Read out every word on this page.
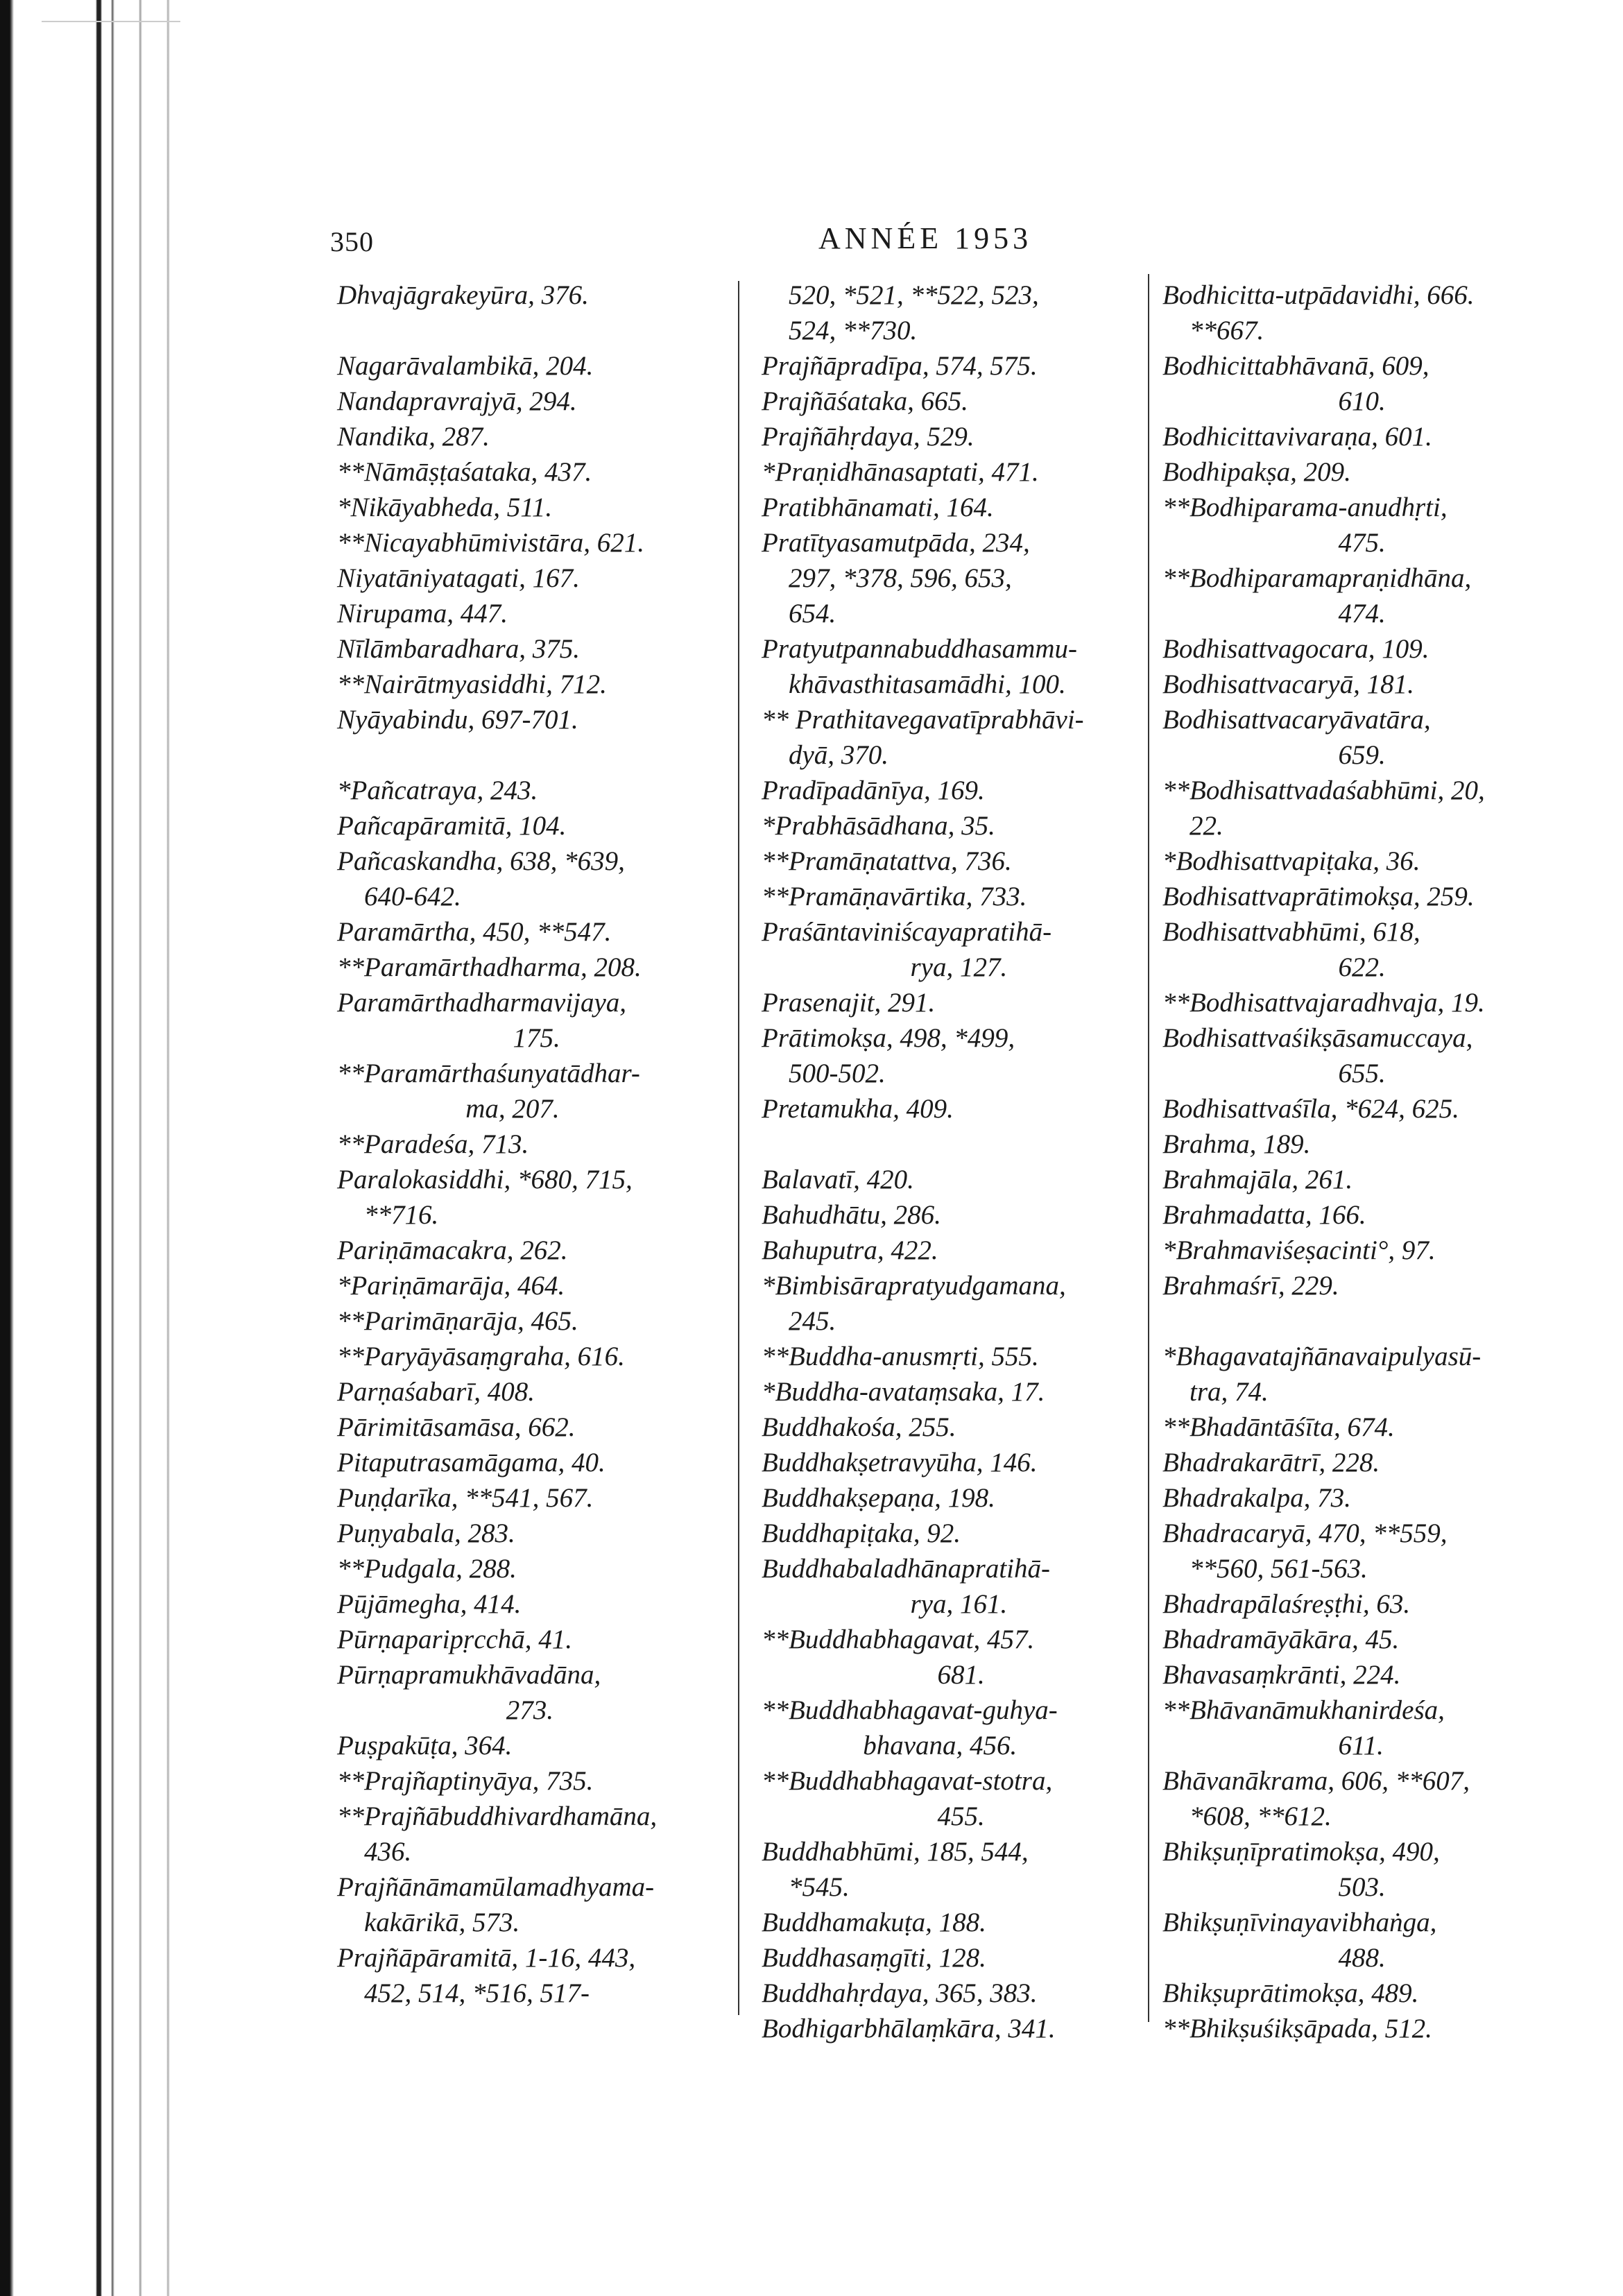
350	ANNÉE 1953
Dhvajāgrakeyūra, 376.
Nagarāvalambikā, 204.
Nandapravrajyā, 294.
Nandika, 287.
**Nāmāṣṭaśataka, 437.
*Nikāyabheda, 511.
**Nicayabhūmivistāra, 621.
Niyatāniyatagati, 167.
Nirupama, 447.
Nīlāmbaradhara, 375.
**Nairātmyasiddhi, 712.
Nyāyabindu, 697-701.
*Pañcatraya, 243.
Pañcapāramitā, 104.
Pañcaskandha, 638, *639,
640-642.
Paramārtha, 450, **547.
**Paramārthadharma, 208.
Paramārthadharmavijaya,
175.
**Paramārthaśunyatādhar-
ma, 207.
**Paradeśa, 713.
Paralokasiddhi, *680, 715,
**716.
Pariṇāmacakra, 262.
*Pariṇāmarāja, 464.
**Parimāṇarāja, 465.
**Paryāyāsaṃgraha, 616.
Parṇaśabarī, 408.
Pārimitāsamāsa, 662.
Pitaputrasamāgama, 40.
Puṇḍarīka, **541, 567.
Puṇyabala, 283.
**Pudgala, 288.
Pūjāmegha, 414.
Pūrṇaparipṛcchā, 41.
Pūrṇapramukhāvadāna,
273.
Puṣpakūṭa, 364.
**Prajñaptinyāya, 735.
**Prajñābuddhivardhamāna,
436.
Prajñānāmamūlamadhyama-
kakārikā, 573.
Prajñāpāramitā, 1-16, 443,
452, 514, *516, 517-
520, *521, **522, 523,
524, **730.
Prajñāpradīpa, 574, 575.
Prajñāśataka, 665.
Prajñāhṛdaya, 529.
*Praṇidhānasaptati, 471.
Pratibhānamati, 164.
Pratītyasamutpāda, 234,
297, *378, 596, 653,
654.
Pratyutpannabuddhasammu-
khāvasthitasamādhi, 100.
** Prathitavegavatīprabhāvi-
dyā, 370.
Pradīpadānīya, 169.
*Prabhāsādhana, 35.
**Pramāṇatattva, 736.
**Pramāṇavārtika, 733.
Praśāntaviniścayapratihā-
rya, 127.
Prasenajit, 291.
Prātimokṣa, 498, *499,
500-502.
Pretamukha, 409.
Balavatī, 420.
Bahudhātu, 286.
Bahuputra, 422.
*Bimbisārapratyudgamana,
245.
**Buddha-anusmṛti, 555.
*Buddha-avataṃsaka, 17.
Buddhakośa, 255.
Buddhakṣetravyūha, 146.
Buddhakṣepaṇa, 198.
Buddhapiṭaka, 92.
Buddhabaladhānapratihā-
rya, 161.
**Buddhabhagavat, 457.
681.
**Buddhabhagavat-guhya-
bhavana, 456.
**Buddhabhagavat-stotra,
455.
Buddhabhūmi, 185, 544,
*545.
Buddhamakuṭa, 188.
Buddhasaṃgīti, 128.
Buddhahṛdaya, 365, 383.
Bodhigarbhālaṃkāra, 341.
Bodhicitta-utpādavidhi, 666.
**667.
Bodhicittabhāvanā, 609,
610.
Bodhicittavivaraṇa, 601.
Bodhipakṣa, 209.
**Bodhiparama-anudhṛti,
475.
**Bodhiparamapraṇidhāna,
474.
Bodhisattvagocara, 109.
Bodhisattvacaryā, 181.
Bodhisattvacaryāvatāra,
659.
**Bodhisattvadaśabhūmi, 20,
22.
*Bodhisattvapiṭaka, 36.
Bodhisattvaprātimokṣa, 259.
Bodhisattvabhūmi, 618,
622.
**Bodhisattvajaradhvaja, 19.
Bodhisattvaśikṣāsamuccaya,
655.
Bodhisattvaśīla, *624, 625.
Brahma, 189.
Brahmajāla, 261.
Brahmadatta, 166.
*Brahmaviśeṣacinti°, 97.
Brahmaśrī, 229.
*Bhagavatajñānavaipulyasū-
tra, 74.
**Bhadāntāśīta, 674.
Bhadrakarātrī, 228.
Bhadrakalpa, 73.
Bhadracaryā, 470, **559,
**560, 561-563.
Bhadrapālaśreṣṭhi, 63.
Bhadramāyākāra, 45.
Bhavasaṃkrānti, 224.
**Bhāvanāmukhanirdeśa,
611.
Bhāvanākrama, 606, **607,
*608, **612.
Bhikṣuṇīpratimokṣa, 490,
503.
Bhikṣuṇīvinayavibhaṅga,
488.
Bhikṣuprātimokṣa, 489.
**Bhikṣuśikṣāpada, 512.
